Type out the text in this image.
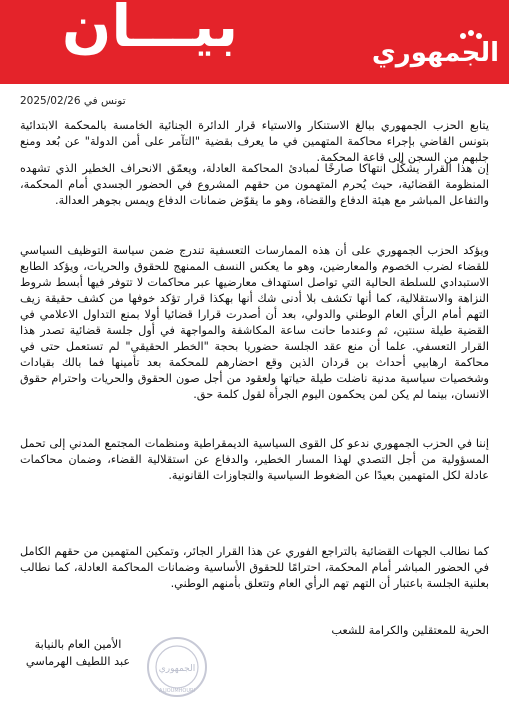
بيـــان	الجمهوري
تونس في 2025/02/26

يتابع الحزب الجمهوري ببالغ الاستنكار والاستياء قرار الدائرة الجنائية الخامسة بالمحكمة الابتدائية بتونس القاضي بإجراء محاكمة المتهمين في ما يعرف بقضية "التآمر على أمن الدولة" عن بُعد ومنع جلبهم من السجن إلى قاعة المحكمة.

إن هذا القرار يشكّل انتهاكا صارخًا لمبادئ المحاكمة العادلة، ويعمّق الانحراف الخطير الذي تشهده المنظومة القضائية، حيث يُحرم المتهمون من حقهم المشروع في الحضور الجسدي أمام المحكمة، والتفاعل المباشر مع هيئة الدفاع والقضاة، وهو ما يقوّض ضمانات الدفاع ويمس بجوهر العدالة.

ويؤكد الحزب الجمهوري على أن هذه الممارسات التعسفية تندرج ضمن سياسة التوظيف السياسي للقضاء لضرب الخصوم والمعارضين، وهو ما يعكس النسف الممنهج للحقوق والحريات، ويؤكد الطابع الاستبدادي للسلطة الحالية التي تواصل استهداف معارضيها عبر محاكمات لا تتوفر فيها أبسط شروط النزاهة والاستقلالية، كما أنها تكشف بلا أدنى شك أنها بهكذا قرار تؤكد خوفها من كشف حقيقة زيف التهم أمام الرأي العام الوطني والدولي، بعد أن أصدرت قرارا قضائيا أولا بمنع التداول الاعلامي في القضية طيلة سنتين، ثم وعندما حانت ساعة المكاشفة والمواجهة في أول جلسة قضائية تصدر هذا القرار التعسفي. علما أن منع عقد الجلسة حضوريا بحجة "الخطر الحقيقي" لم تستعمل حتى في محاكمة ارهابيي أحداث بن قردان الذين وقع احضارهم للمحكمة بعد تأمينها فما بالك بقيادات وشخصيات سياسية مدنية ناضلت طيلة حياتها ولعقود من أجل صون الحقوق والحريات واحترام حقوق الانسان، بينما لم يكن لمن يحكمون اليوم الجرأة لقول كلمة حق.

إننا في الحزب الجمهوري ندعو كل القوى السياسية الديمقراطية ومنظمات المجتمع المدني إلى تحمل المسؤولية من أجل التصدي لهذا المسار الخطير، والدفاع عن استقلالية القضاء، وضمان محاكمات عادلة لكل المتهمين بعيدًا عن الضغوط السياسية والتجاوزات القانونية.

كما نطالب الجهات القضائية بالتراجع الفوري عن هذا القرار الجائر، وتمكين المتهمين من حقهم الكامل في الحضور المباشر أمام المحكمة، احترامًا للحقوق الأساسية وضمانات المحاكمة العادلة، كما نطالب بعلنية الجلسة باعتبار أن التهم تهم الرأي العام وتتعلق بأمنهم الوطني.

الحرية للمعتقلين والكرامة للشعب
الجمهوري
ALJOUMHOURI
الأمين العام بالنيابة
عبد اللطيف الهرماسي
